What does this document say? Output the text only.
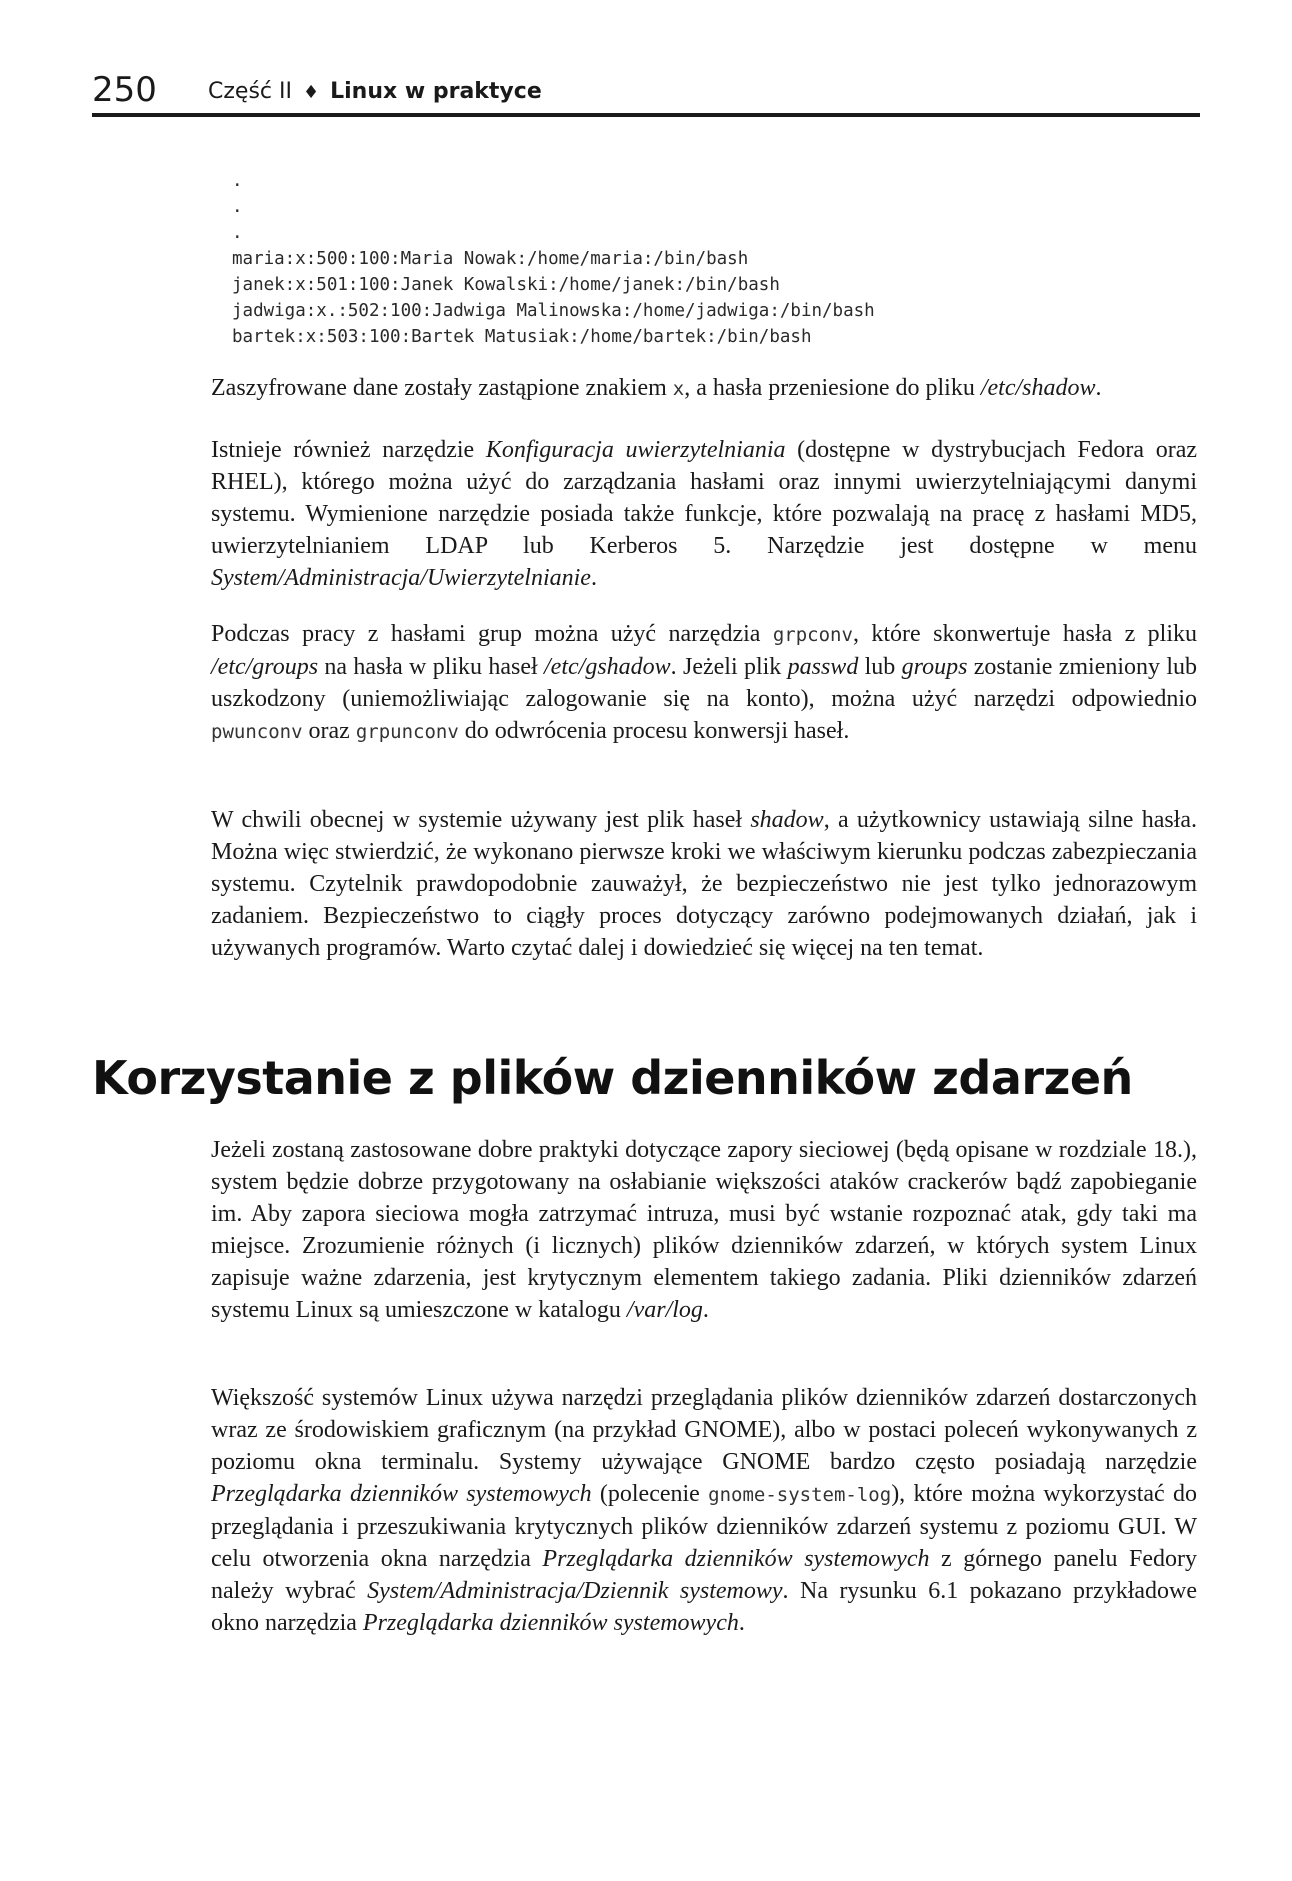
250 Część II ♦ Linux w praktyce
.
.
.
maria:x:500:100:Maria Nowak:/home/maria:/bin/bash
janek:x:501:100:Janek Kowalski:/home/janek:/bin/bash
jadwiga:x.:502:100:Jadwiga Malinowska:/home/jadwiga:/bin/bash
bartek:x:503:100:Bartek Matusiak:/home/bartek:/bin/bash

Zaszyfrowane dane zostały zastąpione znakiem x, a hasła przeniesione do pliku /etc/shadow.

Istnieje również narzędzie Konfiguracja uwierzytelniania (dostępne w dystrybucjach Fedora oraz RHEL), którego można użyć do zarządzania hasłami oraz innymi uwierzytelniającymi danymi systemu. Wymienione narzędzie posiada także funkcje, które pozwalają na pracę z hasłami MD5, uwierzytelnianiem LDAP lub Kerberos 5. Narzędzie jest dostępne w menu System/Administracja/Uwierzytelnianie.

Podczas pracy z hasłami grup można użyć narzędzia grpconv, które skonwertuje hasła z pliku /etc/groups na hasła w pliku haseł /etc/gshadow. Jeżeli plik passwd lub groups zostanie zmieniony lub uszkodzony (uniemożliwiając zalogowanie się na konto), można użyć narzędzi odpowiednio pwunconv oraz grpunconv do odwrócenia procesu konwersji haseł.

W chwili obecnej w systemie używany jest plik haseł shadow, a użytkownicy ustawiają silne hasła. Można więc stwierdzić, że wykonano pierwsze kroki we właściwym kierunku podczas zabezpieczania systemu. Czytelnik prawdopodobnie zauważył, że bezpieczeństwo nie jest tylko jednorazowym zadaniem. Bezpieczeństwo to ciągły proces dotyczący zarówno podejmowanych działań, jak i używanych programów. Warto czytać dalej i dowiedzieć się więcej na ten temat.

Korzystanie z plików dzienników zdarzeń

Jeżeli zostaną zastosowane dobre praktyki dotyczące zapory sieciowej (będą opisane w rozdziale 18.), system będzie dobrze przygotowany na osłabianie większości ataków crackerów bądź zapobieganie im. Aby zapora sieciowa mogła zatrzymać intruza, musi być wstanie rozpoznać atak, gdy taki ma miejsce. Zrozumienie różnych (i licznych) plików dzienników zdarzeń, w których system Linux zapisuje ważne zdarzenia, jest krytycznym elementem takiego zadania. Pliki dzienników zdarzeń systemu Linux są umieszczone w katalogu /var/log.

Większość systemów Linux używa narzędzi przeglądania plików dzienników zdarzeń dostarczonych wraz ze środowiskiem graficznym (na przykład GNOME), albo w postaci poleceń wykonywanych z poziomu okna terminalu. Systemy używające GNOME bardzo często posiadają narzędzie Przeglądarka dzienników systemowych (polecenie gnome-system-log), które można wykorzystać do przeglądania i przeszukiwania krytycznych plików dzienników zdarzeń systemu z poziomu GUI. W celu otworzenia okna narzędzia Przeglądarka dzienników systemowych z górnego panelu Fedory należy wybrać System/Administracja/Dziennik systemowy. Na rysunku 6.1 pokazano przykładowe okno narzędzia Przeglądarka dzienników systemowych.
